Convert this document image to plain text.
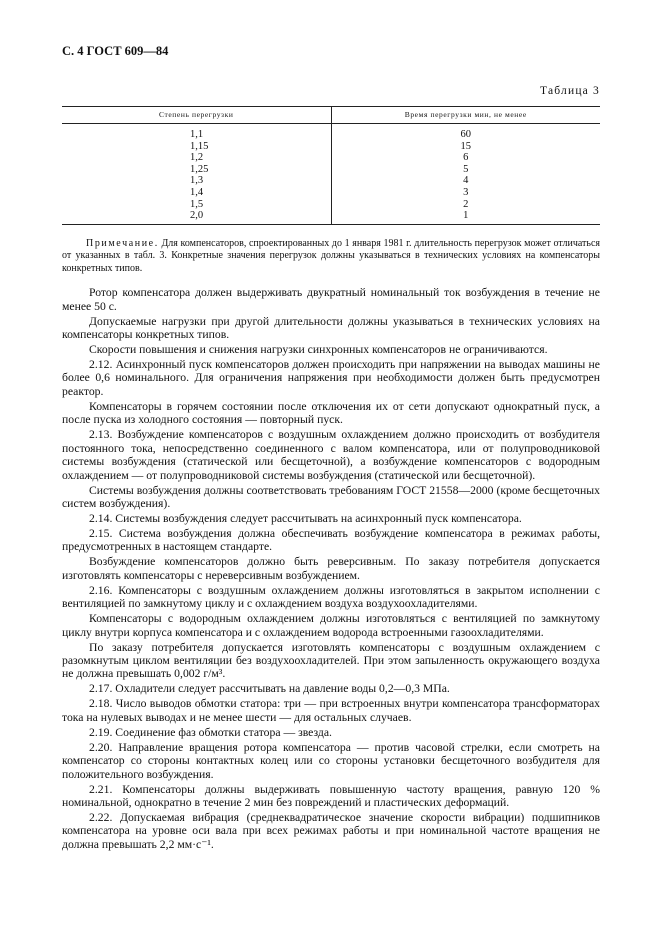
С. 4 ГОСТ 609—84
Таблица 3
Степень перегрузки	Время перегрузки мин, не менее
1,1	60
1,15	15
1,2	6
1,25	5
1,3	4
1,4	3
1,5	2
2,0	1
Примечание. Для компенсаторов, спроектированных до 1 января 1981 г. длительность перегрузок может отличаться от указанных в табл. 3. Конкретные значения перегрузок должны указываться в технических условиях на компенсаторы конкретных типов.

Ротор компенсатора должен выдерживать двукратный номинальный ток возбуждения в течение не менее 50 с.

Допускаемые нагрузки при другой длительности должны указываться в технических условиях на компенсаторы конкретных типов.

Скорости повышения и снижения нагрузки синхронных компенсаторов не ограничиваются.

2.12. Асинхронный пуск компенсаторов должен происходить при напряжении на выводах машины не более 0,6 номинального. Для ограничения напряжения при необходимости должен быть предусмотрен реактор.

Компенсаторы в горячем состоянии после отключения их от сети допускают однократный пуск, а после пуска из холодного состояния — повторный пуск.

2.13. Возбуждение компенсаторов с воздушным охлаждением должно происходить от возбудителя постоянного тока, непосредственно соединенного с валом компенсатора, или от полупроводниковой системы возбуждения (статической или бесщеточной), а возбуждение компенсаторов с водородным охлаждением — от полупроводниковой системы возбуждения (статической или бесщеточной).

Системы возбуждения должны соответствовать требованиям ГОСТ 21558—2000 (кроме бесщеточных систем возбуждения).

2.14. Системы возбуждения следует рассчитывать на асинхронный пуск компенсатора.

2.15. Система возбуждения должна обеспечивать возбуждение компенсатора в режимах работы, предусмотренных в настоящем стандарте.

Возбуждение компенсаторов должно быть реверсивным. По заказу потребителя допускается изготовлять компенсаторы с нереверсивным возбуждением.

2.16. Компенсаторы с воздушным охлаждением должны изготовляться в закрытом исполнении с вентиляцией по замкнутому циклу и с охлаждением воздуха воздухоохладителями.

Компенсаторы с водородным охлаждением должны изготовляться с вентиляцией по замкнутому циклу внутри корпуса компенсатора и с охлаждением водорода встроенными газоохладителями.

По заказу потребителя допускается изготовлять компенсаторы с воздушным охлаждением с разомкнутым циклом вентиляции без воздухоохладителей. При этом запыленность окружающего воздуха не должна превышать 0,002 г/м³.

2.17. Охладители следует рассчитывать на давление воды 0,2—0,3 МПа.

2.18. Число выводов обмотки статора: три — при встроенных внутри компенсатора трансформаторах тока на нулевых выводах и не менее шести — для остальных случаев.

2.19. Соединение фаз обмотки статора — звезда.

2.20. Направление вращения ротора компенсатора — против часовой стрелки, если смотреть на компенсатор со стороны контактных колец или со стороны установки бесщеточного возбудителя для положительного возбуждения.

2.21. Компенсаторы должны выдерживать повышенную частоту вращения, равную 120 % номинальной, однократно в течение 2 мин без повреждений и пластических деформаций.

2.22. Допускаемая вибрация (среднеквадратическое значение скорости вибрации) подшипников компенсатора на уровне оси вала при всех режимах работы и при номинальной частоте вращения не должна превышать 2,2 мм·с⁻¹.
